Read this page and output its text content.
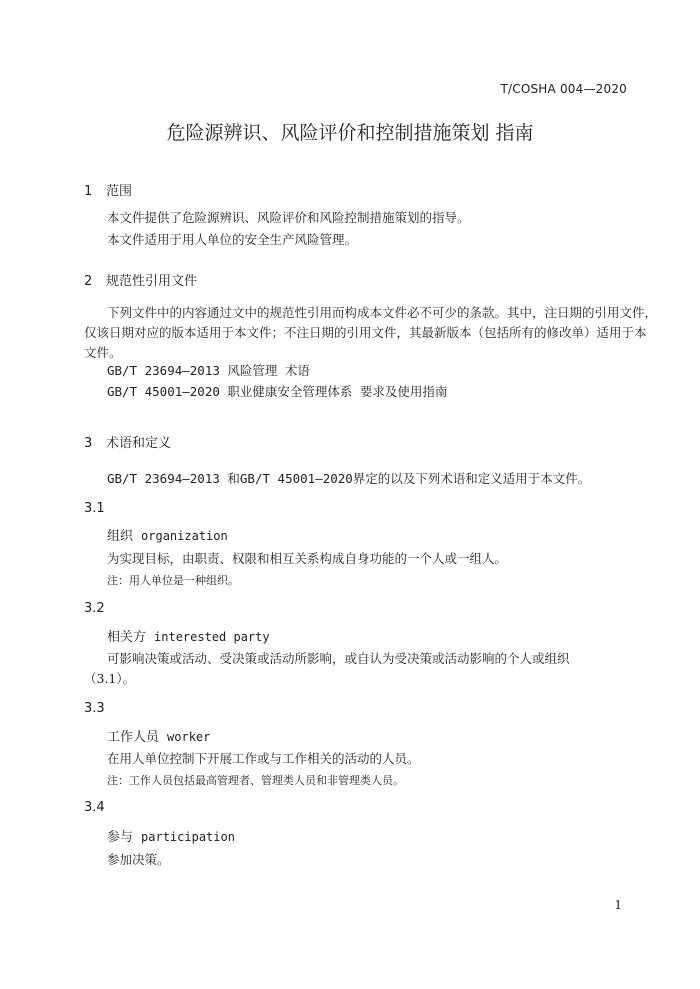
T/COSHA 004—2020
危险源辨识、风险评价和控制措施策划 指南
1 范围
本文件提供了危险源辨识、风险评价和风险控制措施策划的指导。
本文件适用于用人单位的安全生产风险管理。
2 规范性引用文件
下列文件中的内容通过文中的规范性引用而构成本文件必不可少的条款。其中，注日期的引用文件，
仅该日期对应的版本适用于本文件；不注日期的引用文件，其最新版本（包括所有的修改单）适用于本
文件。
GB/T 23694—2013 风险管理 术语
GB/T 45001—2020 职业健康安全管理体系 要求及使用指南
3 术语和定义
GB/T 23694—2013 和GB/T 45001—2020界定的以及下列术语和定义适用于本文件。
3.1
组织 organization
为实现目标，由职责、权限和相互关系构成自身功能的一个人或一组人。
注：用人单位是一种组织。
3.2
相关方 interested party
可影响决策或活动、受决策或活动所影响，或自认为受决策或活动影响的个人或组织
（3.1）。
3.3
工作人员 worker
在用人单位控制下开展工作或与工作相关的活动的人员。
注：工作人员包括最高管理者、管理类人员和非管理类人员。
3.4
参与 participation
参加决策。
1
